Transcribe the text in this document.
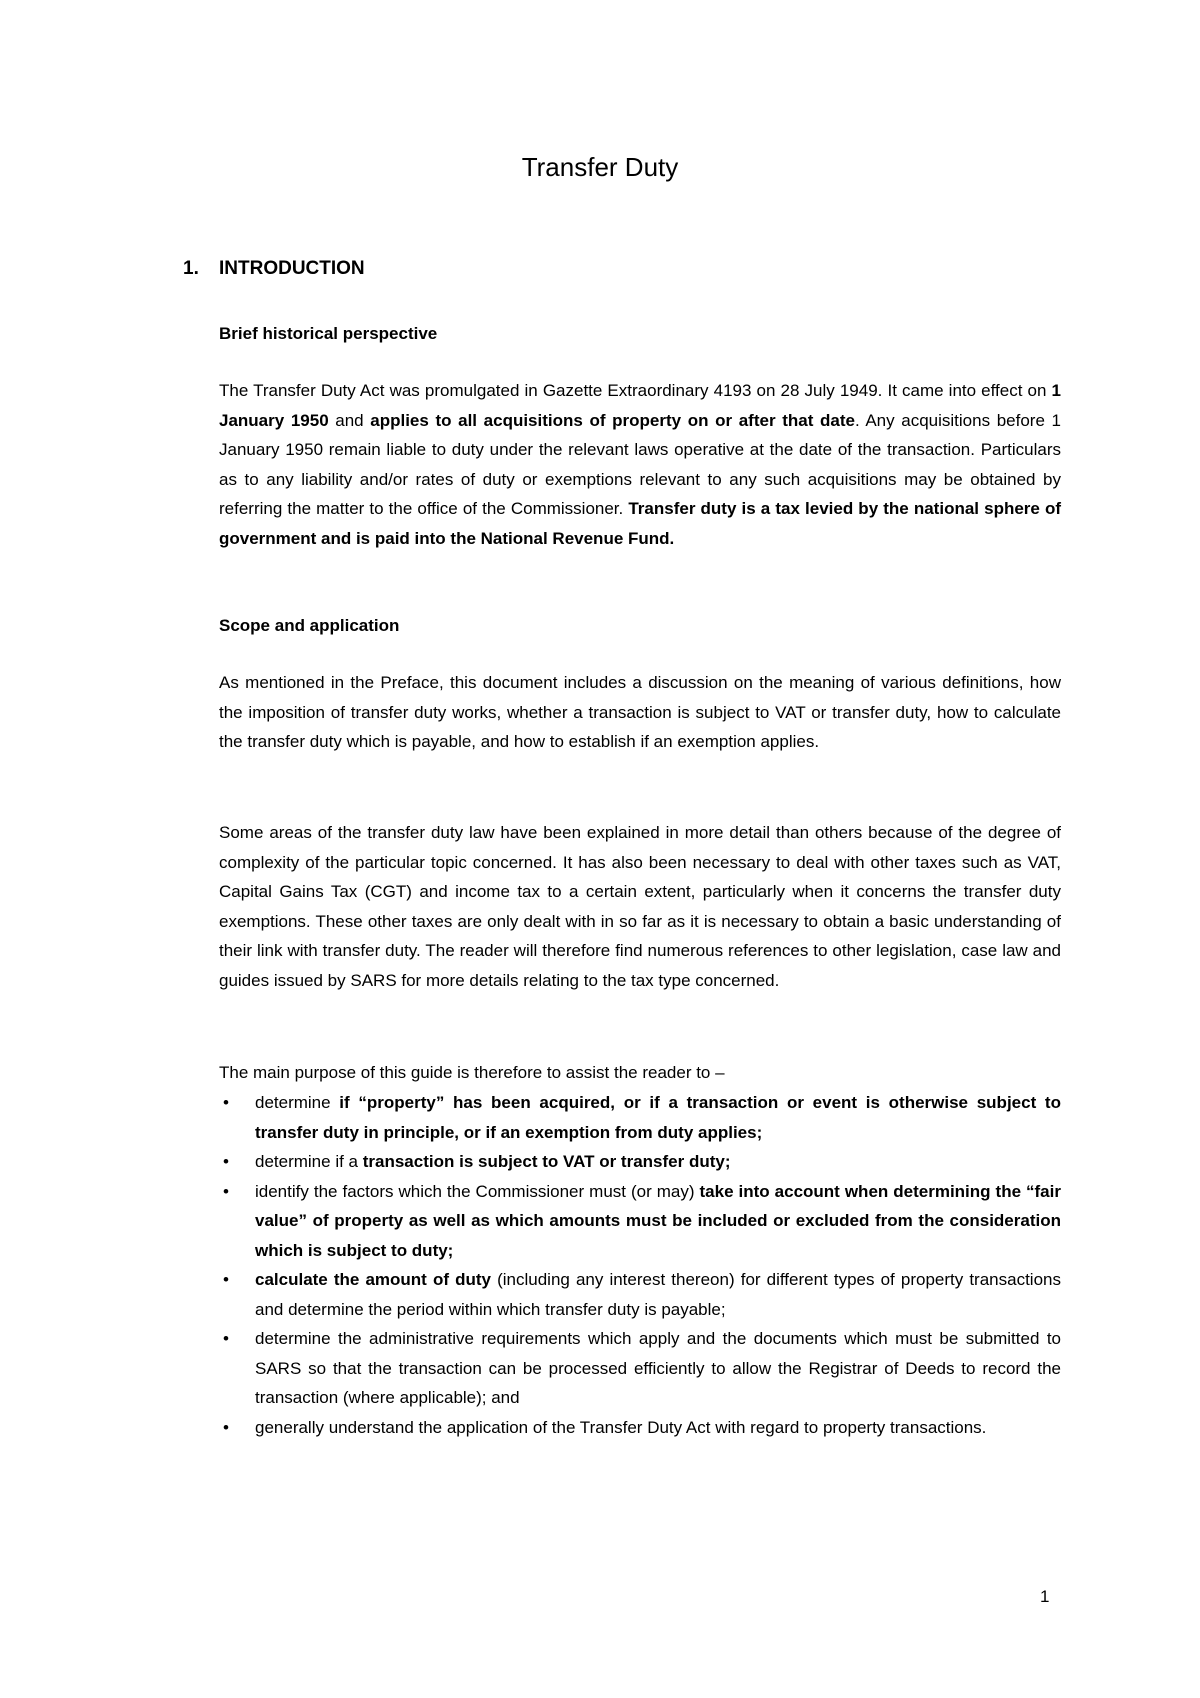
Transfer Duty
1. INTRODUCTION
Brief historical perspective
The Transfer Duty Act was promulgated in Gazette Extraordinary 4193 on 28 July 1949. It came into effect on 1 January 1950 and applies to all acquisitions of property on or after that date. Any acquisitions before 1 January 1950 remain liable to duty under the relevant laws operative at the date of the transaction. Particulars as to any liability and/or rates of duty or exemptions relevant to any such acquisitions may be obtained by referring the matter to the office of the Commissioner. Transfer duty is a tax levied by the national sphere of government and is paid into the National Revenue Fund.
Scope and application
As mentioned in the Preface, this document includes a discussion on the meaning of various definitions, how the imposition of transfer duty works, whether a transaction is subject to VAT or transfer duty, how to calculate the transfer duty which is payable, and how to establish if an exemption applies.
Some areas of the transfer duty law have been explained in more detail than others because of the degree of complexity of the particular topic concerned. It has also been necessary to deal with other taxes such as VAT, Capital Gains Tax (CGT) and income tax to a certain extent, particularly when it concerns the transfer duty exemptions. These other taxes are only dealt with in so far as it is necessary to obtain a basic understanding of their link with transfer duty. The reader will therefore find numerous references to other legislation, case law and guides issued by SARS for more details relating to the tax type concerned.
The main purpose of this guide is therefore to assist the reader to –
• determine if “property” has been acquired, or if a transaction or event is otherwise subject to transfer duty in principle, or if an exemption from duty applies;
• determine if a transaction is subject to VAT or transfer duty;
• identify the factors which the Commissioner must (or may) take into account when determining the “fair value” of property as well as which amounts must be included or excluded from the consideration which is subject to duty;
• calculate the amount of duty (including any interest thereon) for different types of property transactions and determine the period within which transfer duty is payable;
• determine the administrative requirements which apply and the documents which must be submitted to SARS so that the transaction can be processed efficiently to allow the Registrar of Deeds to record the transaction (where applicable); and
• generally understand the application of the Transfer Duty Act with regard to property transactions.
1
